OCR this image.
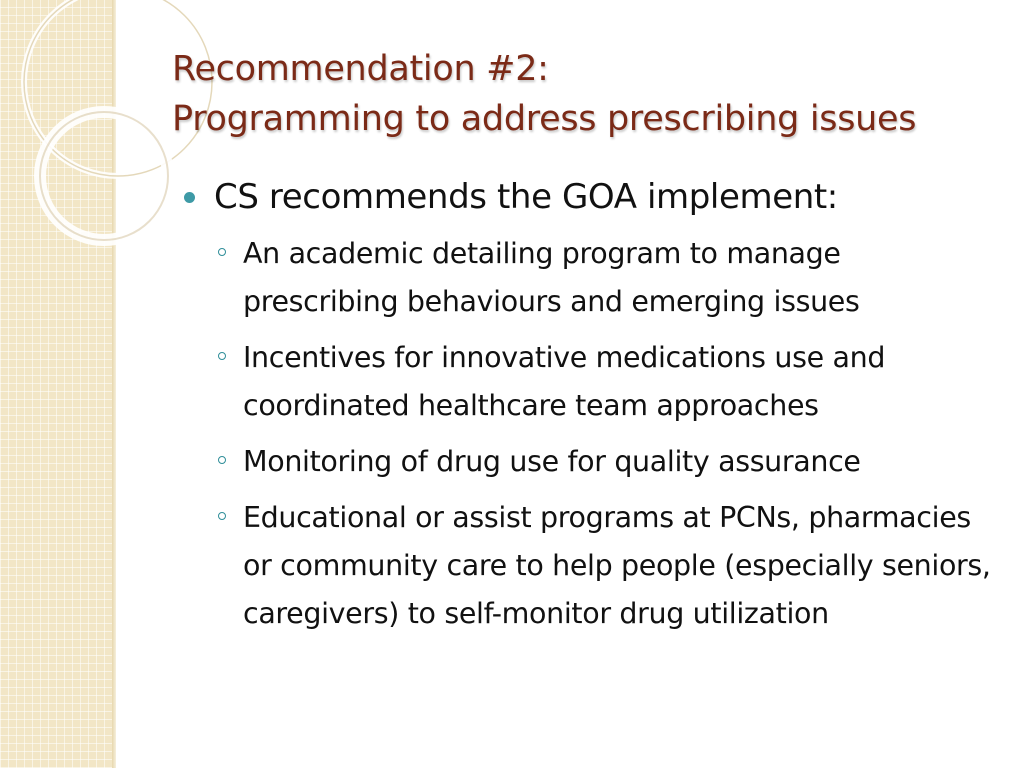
Recommendation #2:
Programming to address prescribing issues
CS recommends the GOA implement:
An academic detailing program to manage prescribing behaviours and emerging issues
Incentives for innovative medications use and coordinated healthcare team approaches
Monitoring of drug use for quality assurance
Educational or assist programs at PCNs, pharmacies or community care to help people (especially seniors, caregivers) to self-monitor drug utilization
